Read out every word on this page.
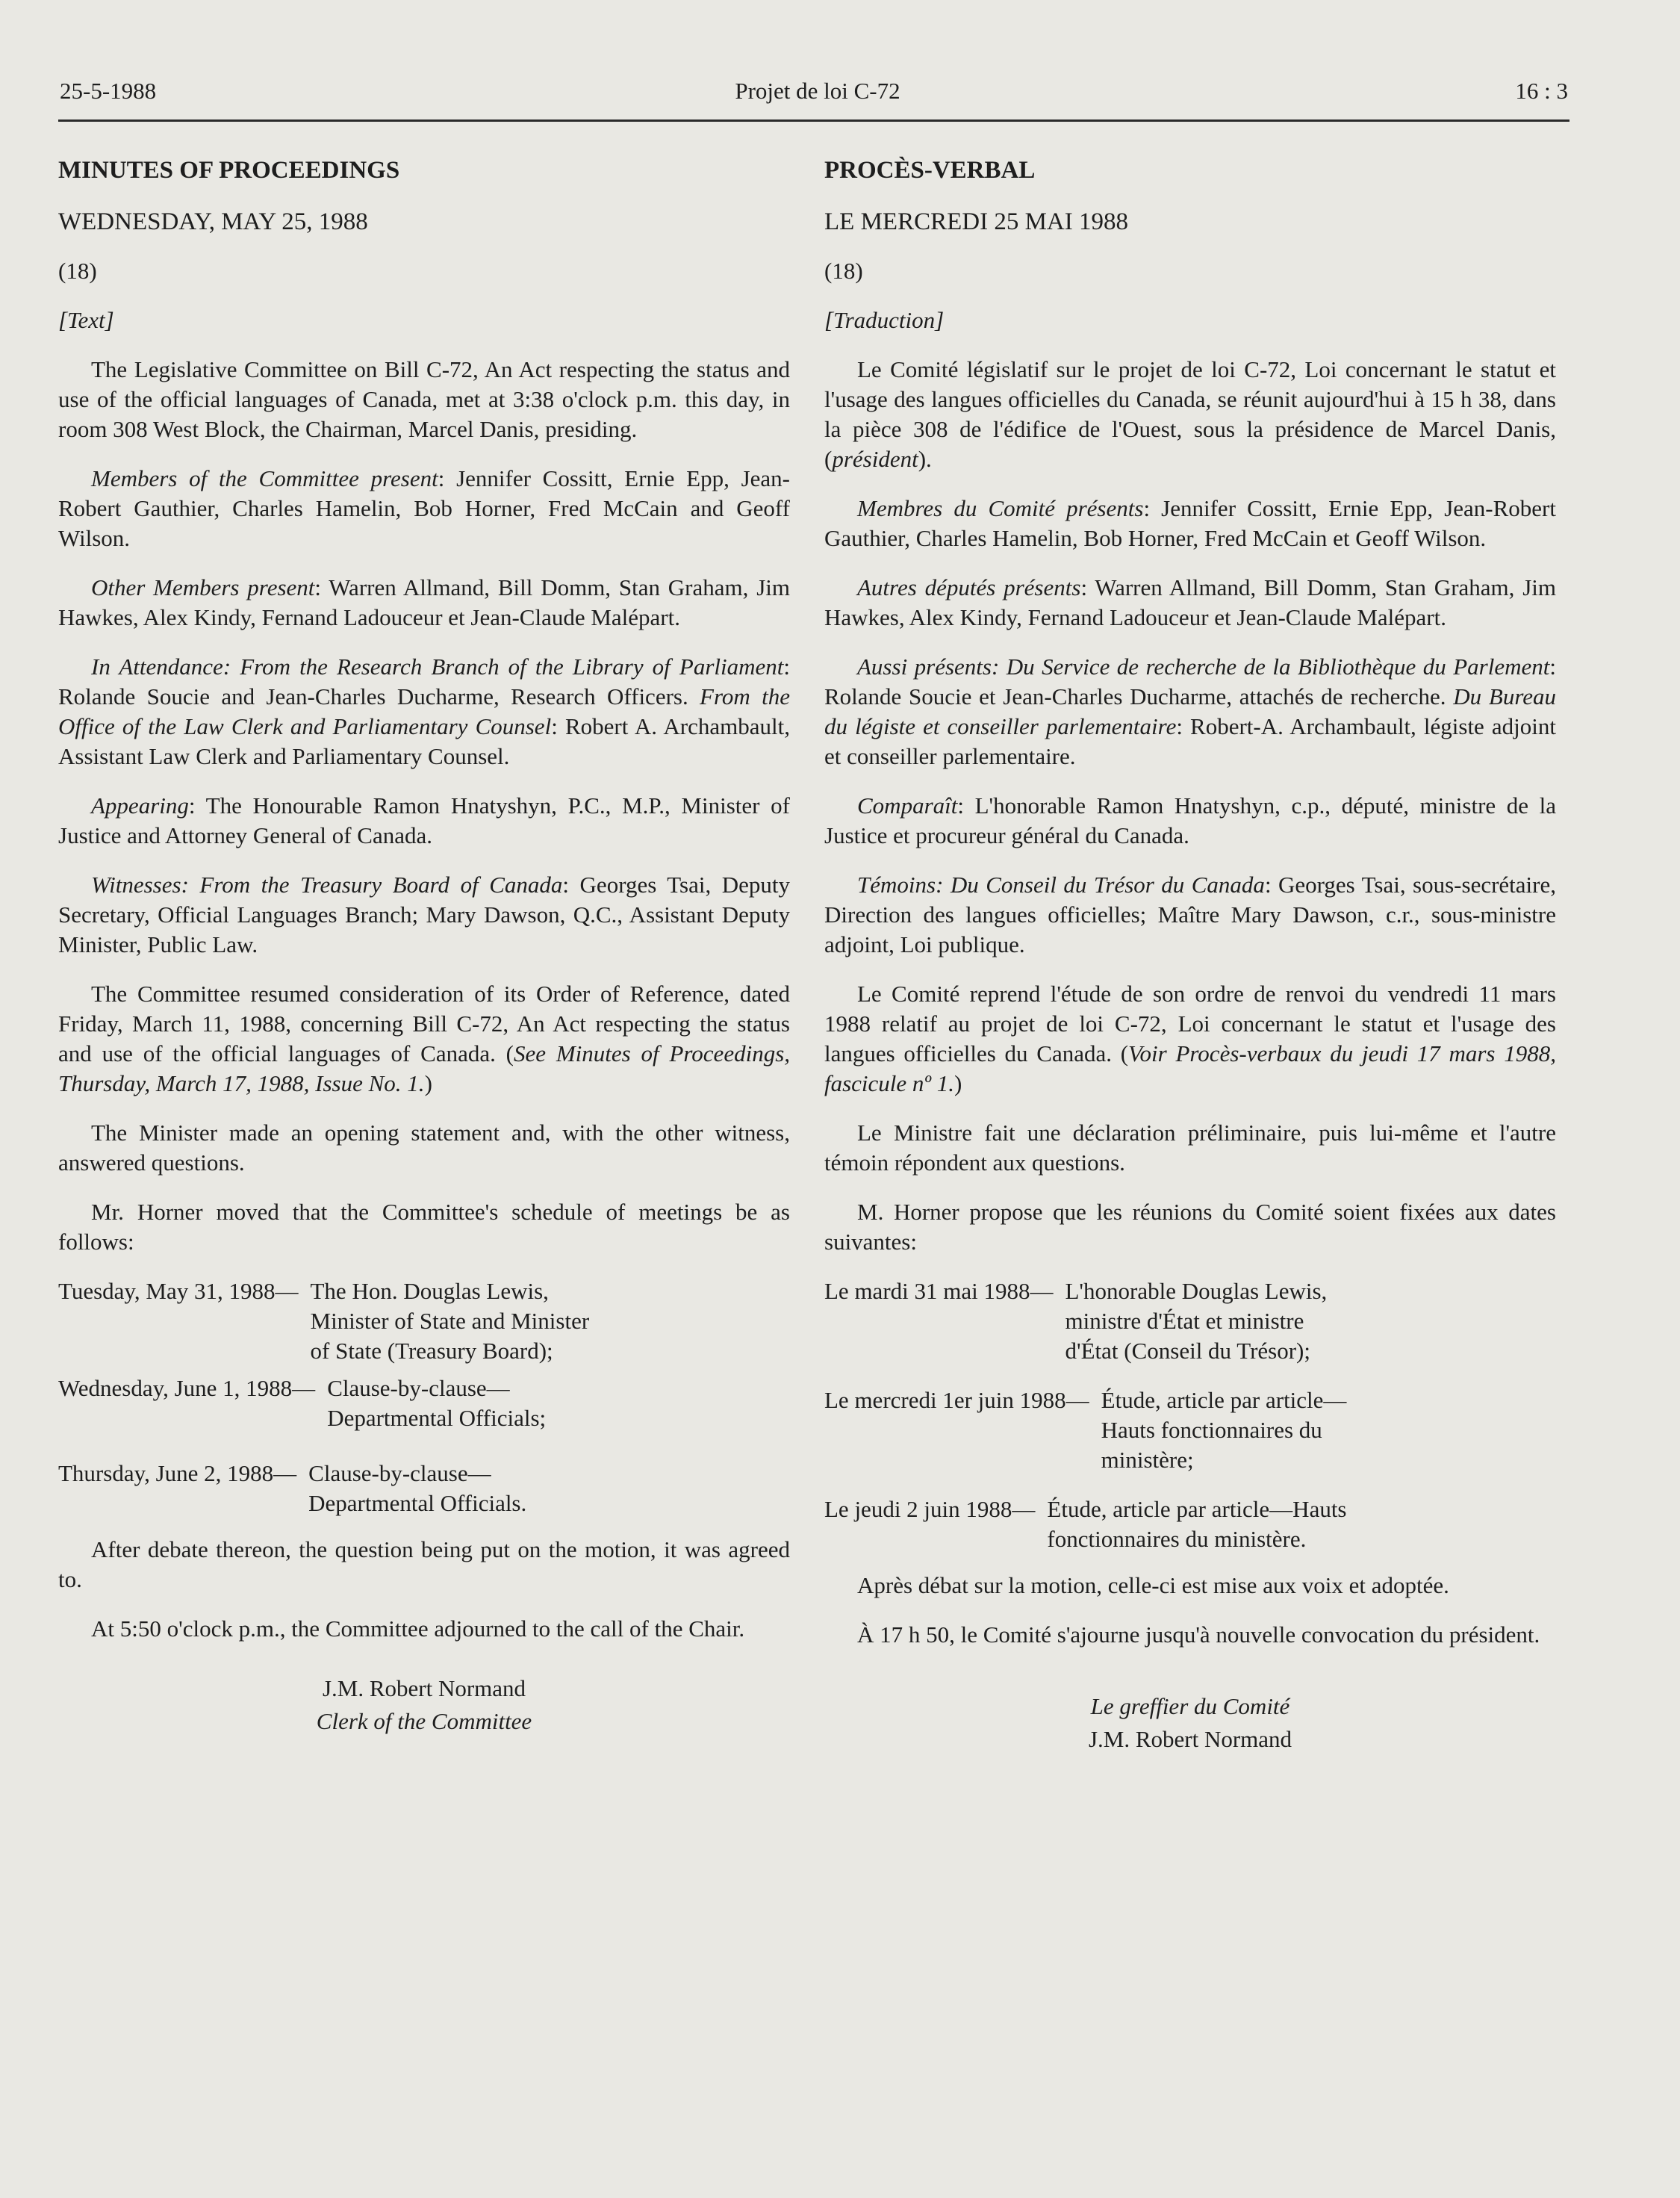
25-5-1988	Projet de loi C-72	16 : 3

MINUTES OF PROCEEDINGS

WEDNESDAY, MAY 25, 1988

(18)

[Text]

The Legislative Committee on Bill C-72, An Act respecting the status and use of the official languages of Canada, met at 3:38 o'clock p.m. this day, in room 308 West Block, the Chairman, Marcel Danis, presiding.

Members of the Committee present: Jennifer Cossitt, Ernie Epp, Jean-Robert Gauthier, Charles Hamelin, Bob Horner, Fred McCain and Geoff Wilson.

Other Members present: Warren Allmand, Bill Domm, Stan Graham, Jim Hawkes, Alex Kindy, Fernand Ladouceur et Jean-Claude Malépart.

In Attendance: From the Research Branch of the Library of Parliament: Rolande Soucie and Jean-Charles Ducharme, Research Officers. From the Office of the Law Clerk and Parliamentary Counsel: Robert A. Archambault, Assistant Law Clerk and Parliamentary Counsel.

Appearing: The Honourable Ramon Hnatyshyn, P.C., M.P., Minister of Justice and Attorney General of Canada.

Witnesses: From the Treasury Board of Canada: Georges Tsai, Deputy Secretary, Official Languages Branch; Mary Dawson, Q.C., Assistant Deputy Minister, Public Law.

The Committee resumed consideration of its Order of Reference, dated Friday, March 11, 1988, concerning Bill C-72, An Act respecting the status and use of the official languages of Canada. (See Minutes of Proceedings, Thursday, March 17, 1988, Issue No. 1.)

The Minister made an opening statement and, with the other witness, answered questions.

Mr. Horner moved that the Committee's schedule of meetings be as follows:

Tuesday, May 31, 1988— The Hon. Douglas Lewis,
Minister of State and Minister
of State (Treasury Board);
Wednesday, June 1, 1988— Clause-by-clause—
Departmental Officials;
Thursday, June 2, 1988— Clause-by-clause—
Departmental Officials.

After debate thereon, the question being put on the motion, it was agreed to.

At 5:50 o'clock p.m., the Committee adjourned to the call of the Chair.

J.M. Robert Normand
Clerk of the Committee

PROCÈS-VERBAL

LE MERCREDI 25 MAI 1988

(18)

[Traduction]

Le Comité législatif sur le projet de loi C-72, Loi concernant le statut et l'usage des langues officielles du Canada, se réunit aujourd'hui à 15 h 38, dans la pièce 308 de l'édifice de l'Ouest, sous la présidence de Marcel Danis, (président).

Membres du Comité présents: Jennifer Cossitt, Ernie Epp, Jean-Robert Gauthier, Charles Hamelin, Bob Horner, Fred McCain et Geoff Wilson.

Autres députés présents: Warren Allmand, Bill Domm, Stan Graham, Jim Hawkes, Alex Kindy, Fernand Ladouceur et Jean-Claude Malépart.

Aussi présents: Du Service de recherche de la Bibliothèque du Parlement: Rolande Soucie et Jean-Charles Ducharme, attachés de recherche. Du Bureau du légiste et conseiller parlementaire: Robert-A. Archambault, légiste adjoint et conseiller parlementaire.

Comparaît: L'honorable Ramon Hnatyshyn, c.p., député, ministre de la Justice et procureur général du Canada.

Témoins: Du Conseil du Trésor du Canada: Georges Tsai, sous-secrétaire, Direction des langues officielles; Maître Mary Dawson, c.r., sous-ministre adjoint, Loi publique.

Le Comité reprend l'étude de son ordre de renvoi du vendredi 11 mars 1988 relatif au projet de loi C-72, Loi concernant le statut et l'usage des langues officielles du Canada. (Voir Procès-verbaux du jeudi 17 mars 1988, fascicule nº 1.)

Le Ministre fait une déclaration préliminaire, puis lui-même et l'autre témoin répondent aux questions.

M. Horner propose que les réunions du Comité soient fixées aux dates suivantes:

Le mardi 31 mai 1988— L'honorable Douglas Lewis,
ministre d'État et ministre
d'État (Conseil du Trésor);
Le mercredi 1er juin 1988— Étude, article par article—
Hauts fonctionnaires du
ministère;
Le jeudi 2 juin 1988— Étude, article par article—Hauts
fonctionnaires du ministère.

Après débat sur la motion, celle-ci est mise aux voix et adoptée.

À 17 h 50, le Comité s'ajourne jusqu'à nouvelle convocation du président.

Le greffier du Comité
J.M. Robert Normand
